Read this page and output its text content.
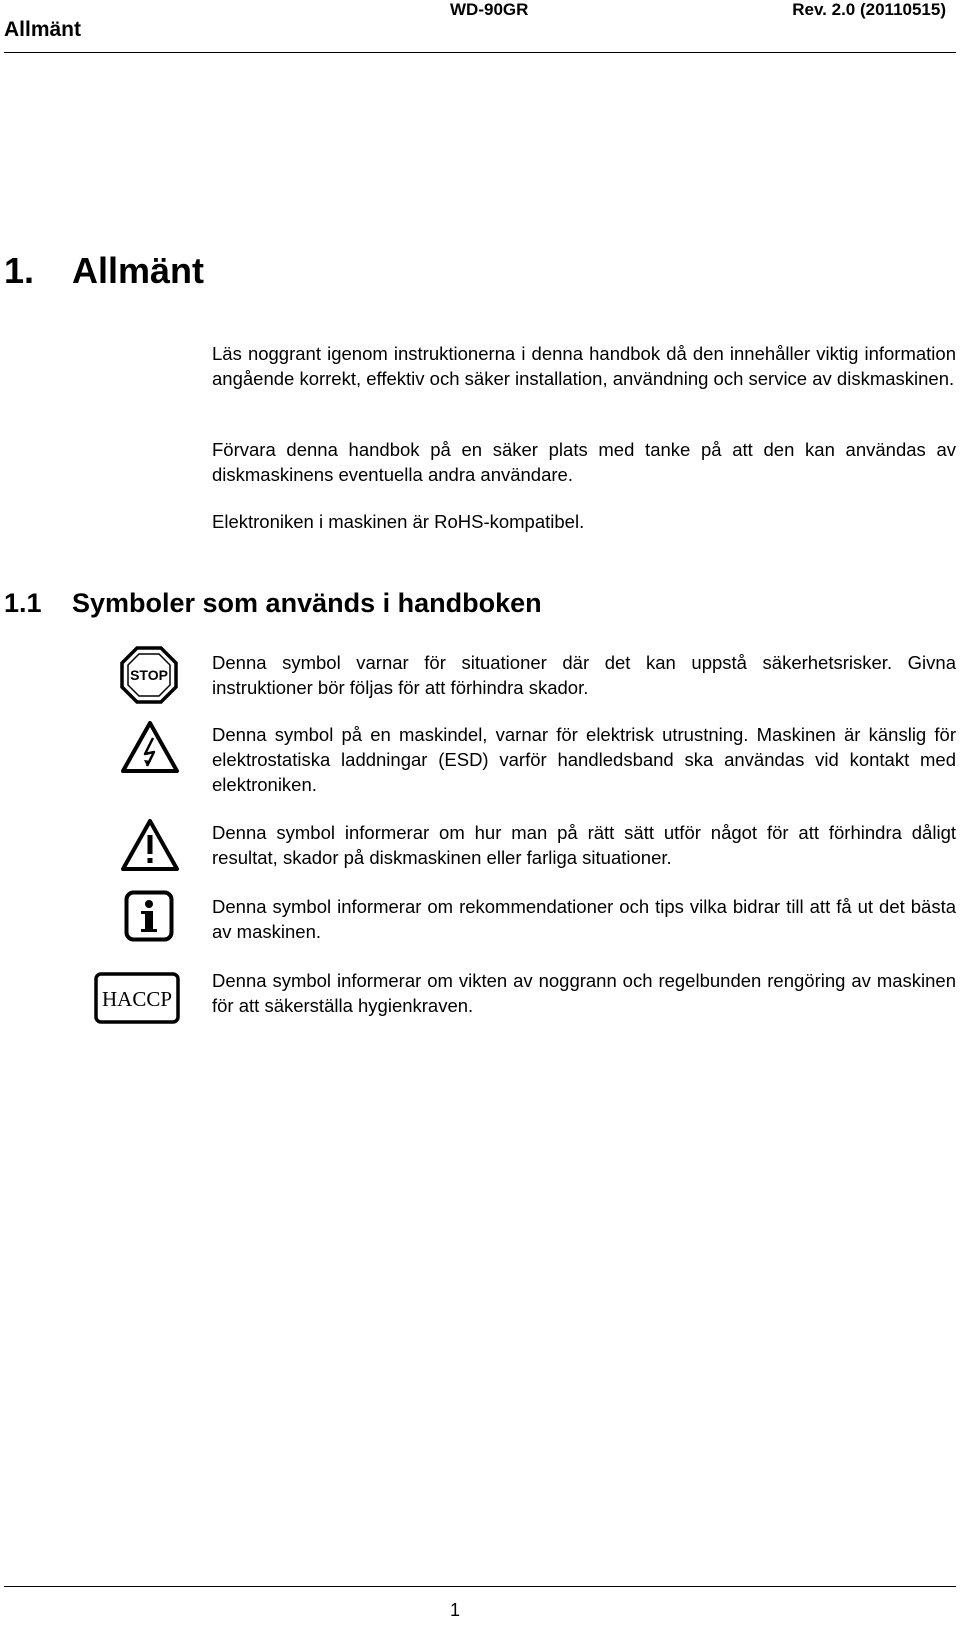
Allmänt
WD-90GR	Rev. 2.0 (20110515)
1. Allmänt

Läs noggrant igenom instruktionerna i denna handbok då den innehåller viktig information angående korrekt, effektiv och säker installation, användning och service av diskmaskinen.

Förvara denna handbok på en säker plats med tanke på att den kan användas av diskmaskinens eventuella andra användare.

Elektroniken i maskinen är RoHS-kompatibel.

1.1 Symboler som används i handboken
STOP

Denna symbol varnar för situationer där det kan uppstå säkerhetsrisker. Givna instruktioner bör följas för att förhindra skador.

Denna symbol på en maskindel, varnar för elektrisk utrustning. Maskinen är känslig för elektrostatiska laddningar (ESD) varför handledsband ska användas vid kontakt med elektroniken.

Denna symbol informerar om hur man på rätt sätt utför något för att förhindra dåligt resultat, skador på diskmaskinen eller farliga situationer.

Denna symbol informerar om rekommendationer och tips vilka bidrar till att få ut det bästa av maskinen.

HACCP

Denna symbol informerar om vikten av noggrann och regelbunden rengöring av maskinen för att säkerställa hygienkraven.

1
